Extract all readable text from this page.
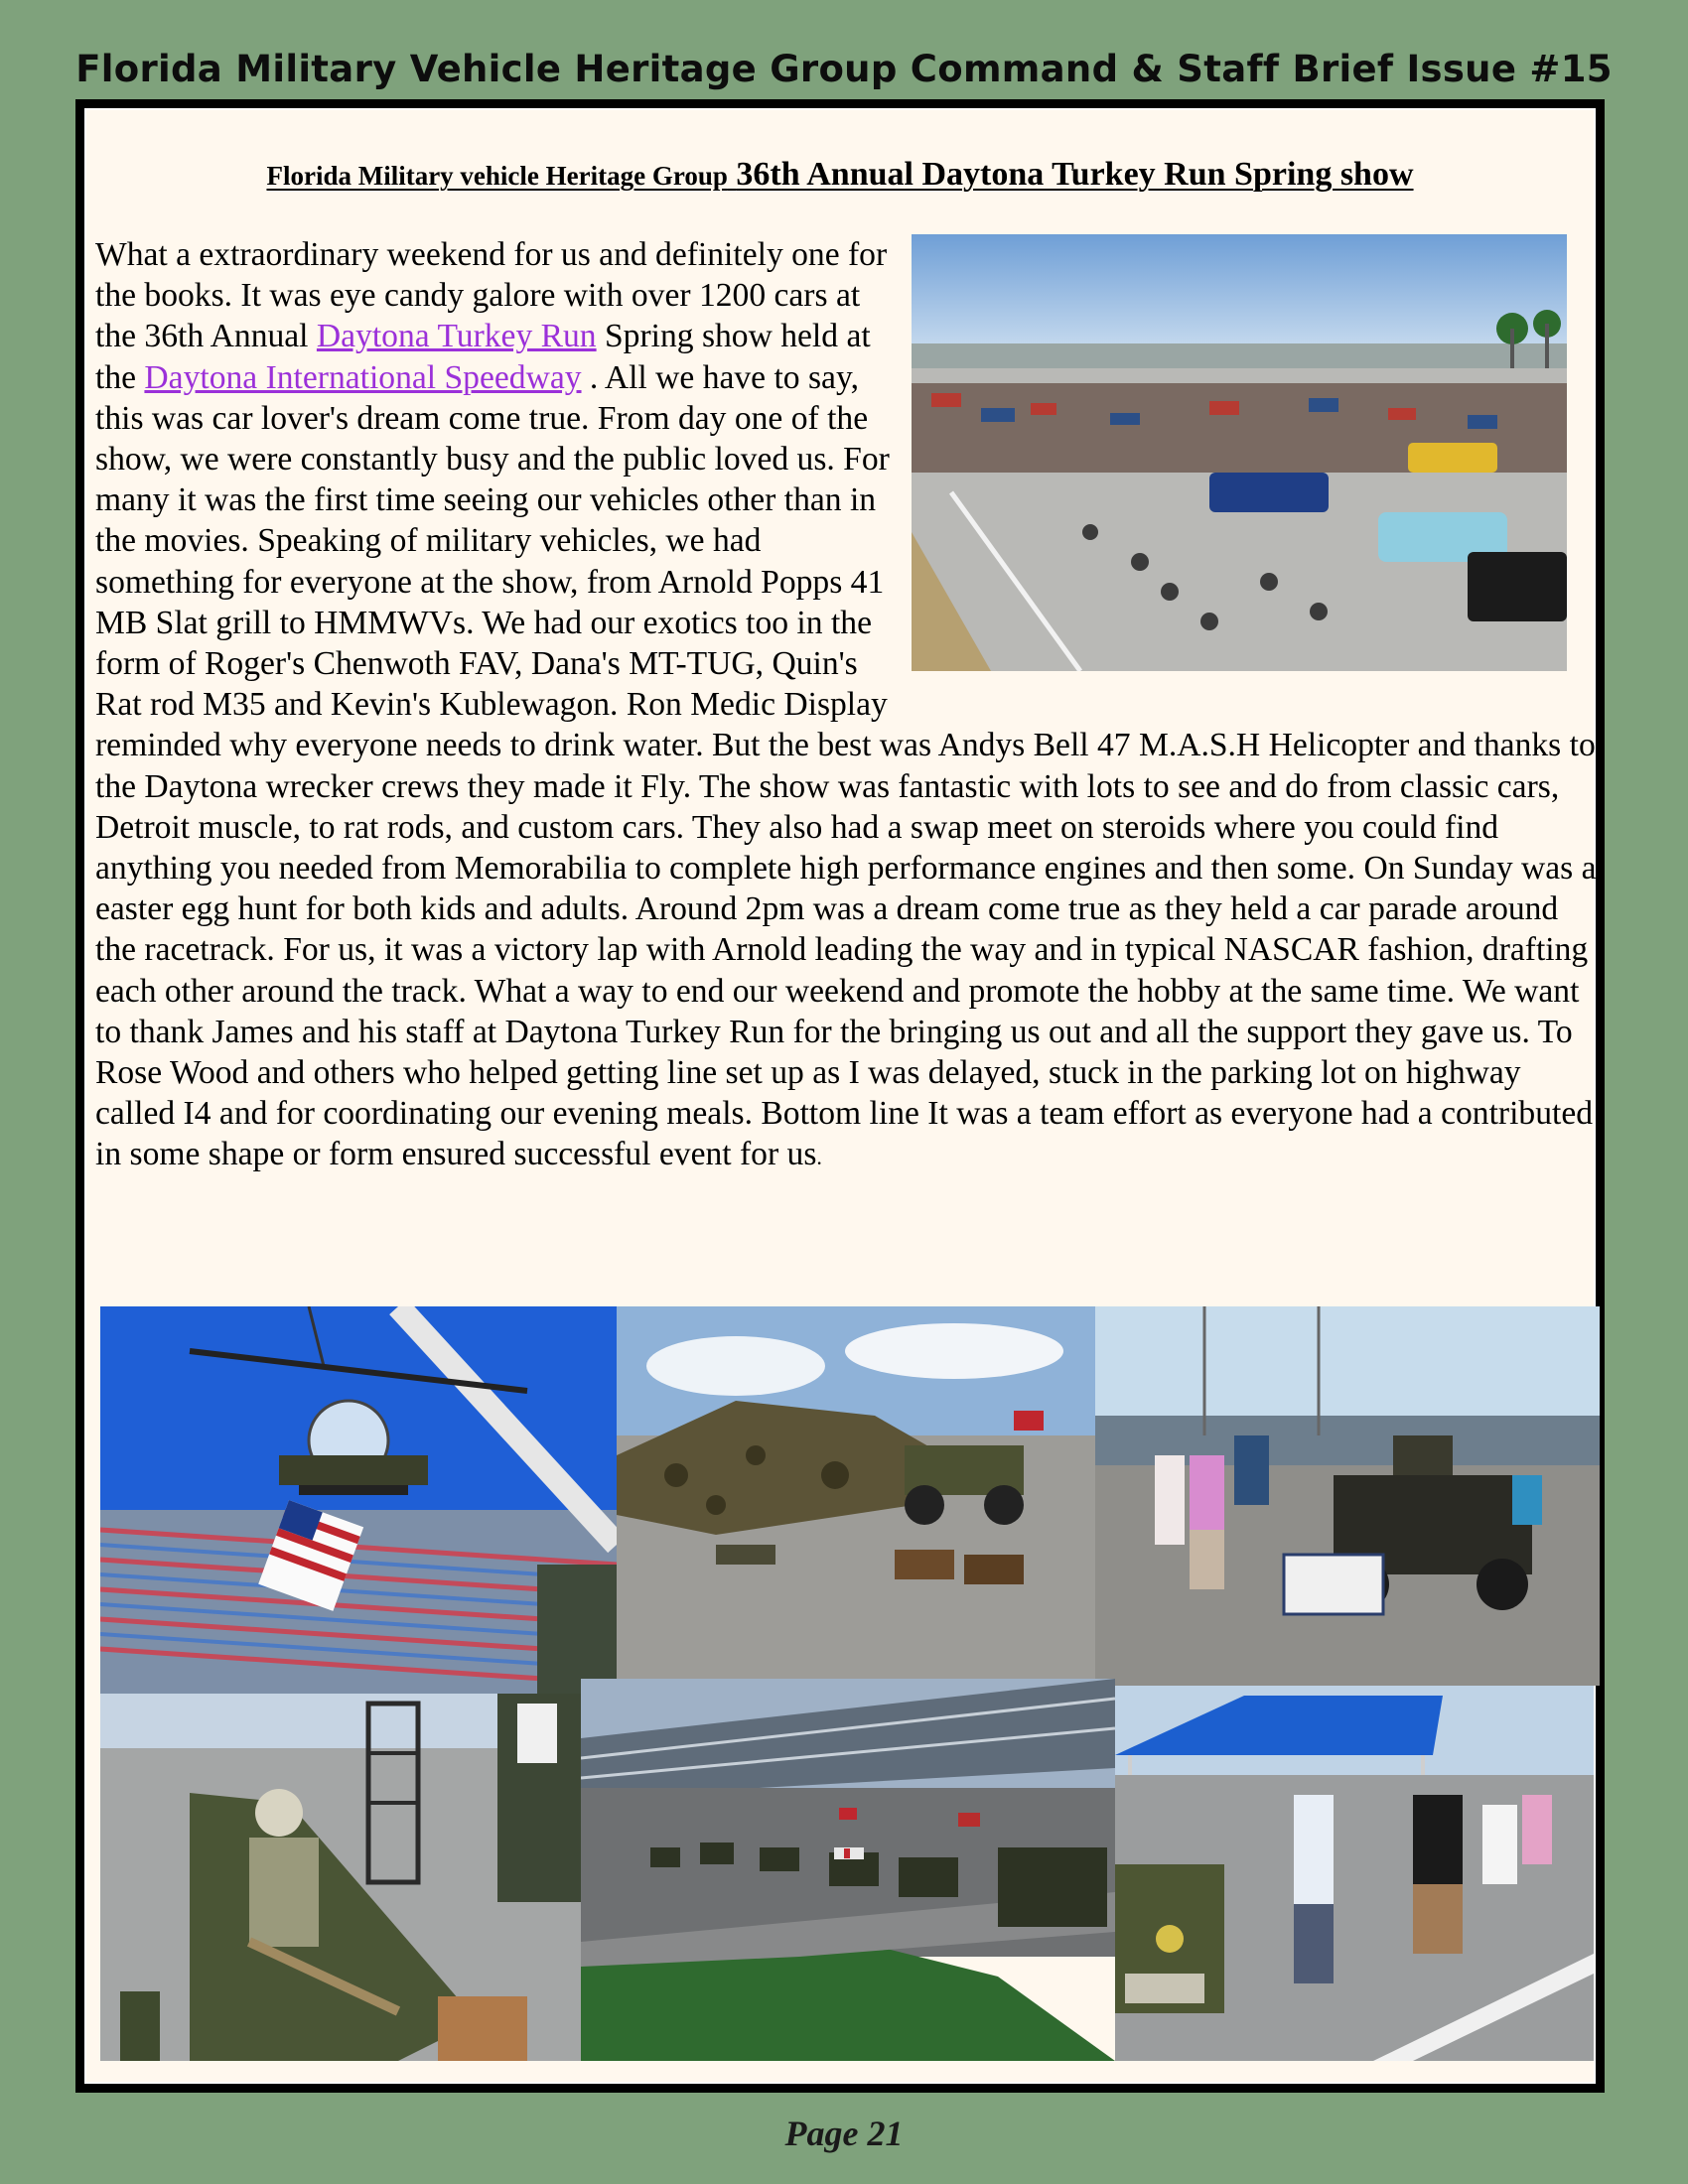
Florida Military Vehicle Heritage Group Command & Staff Brief Issue #15
Florida Military vehicle Heritage Group 36th Annual Daytona Turkey Run Spring show

What a extraordinary weekend for us and definitely one for the books. It was eye candy galore with over 1200 cars at the 36th Annual Daytona Turkey Run Spring show held at the Daytona International Speedway . All we have to say, this was car lover's dream come true. From day one of the show, we were constantly busy and the public loved us. For many it was the first time seeing our vehicles other than in the movies. Speaking of military vehicles, we had something for everyone at the show, from Arnold Popps 41 MB Slat grill to HMMWVs. We had our exotics too in the form of Roger's Chenwoth FAV, Dana's MT-TUG, Quin's Rat rod M35 and Kevin's Kublewagon. Ron Medic Display reminded why everyone needs to drink water. But the best was Andys Bell 47 M.A.S.H Helicopter and thanks to the Daytona wrecker crews they made it Fly. The show was fantastic with lots to see and do from classic cars, Detroit muscle, to rat rods, and custom cars. They also had a swap meet on steroids where you could find anything you needed from Memorabilia to complete high performance engines and then some. On Sunday was a easter egg hunt for both kids and adults. Around 2pm was a dream come true as they held a car parade around the racetrack. For us, it was a victory lap with Arnold leading the way and in typical NASCAR fashion, drafting each other around the track. What a way to end our weekend and promote the hobby at the same time. We want to thank James and his staff at Daytona Turkey Run for the bringing us out and all the support they gave us. To Rose Wood and others who helped getting line set up as I was delayed, stuck in the parking lot on highway called I4 and for coordinating our evening meals. Bottom line It was a team effort as everyone had a contributed in some shape or form ensured successful event for us.

Page 21
